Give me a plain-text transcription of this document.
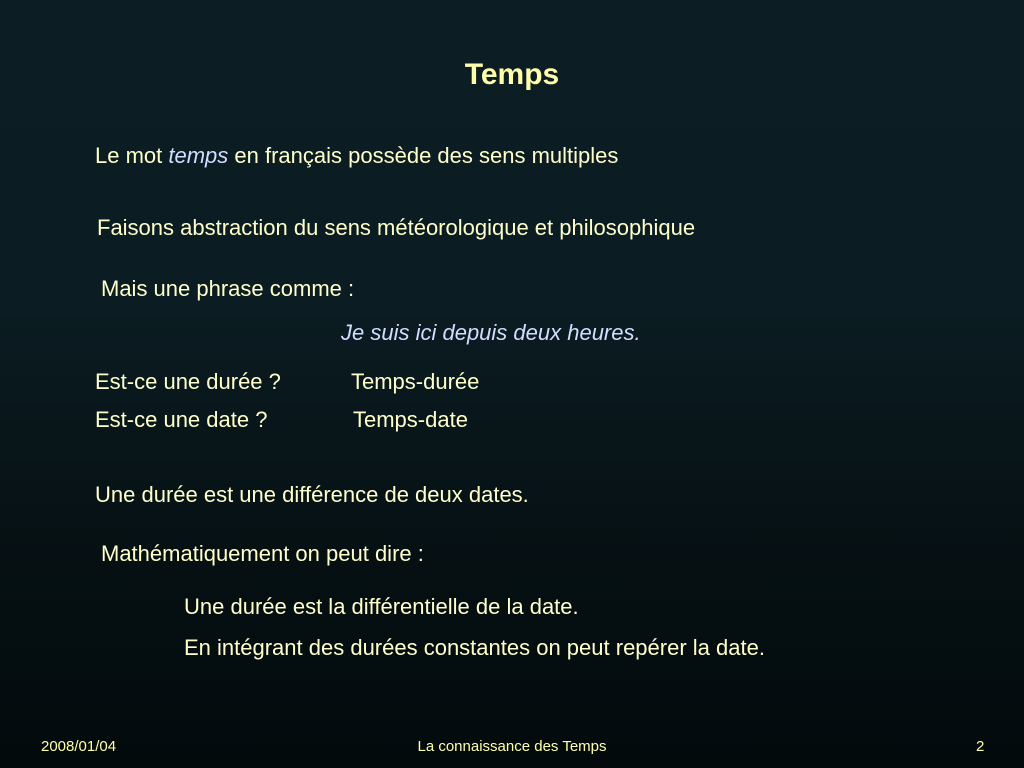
Temps

Le mot temps en français possède des sens multiples

Faisons abstraction du sens météorologique et philosophique

Mais une phrase comme :

Je suis ici depuis deux heures.

Est-ce une durée ?	Temps-durée

Est-ce une date ?	Temps-date

Une durée est une différence de deux dates.

Mathématiquement on peut dire :

Une durée est la différentielle de la date.

En intégrant des durées constantes on peut repérer la date.

2008/01/04	La connaissance des Temps	2
